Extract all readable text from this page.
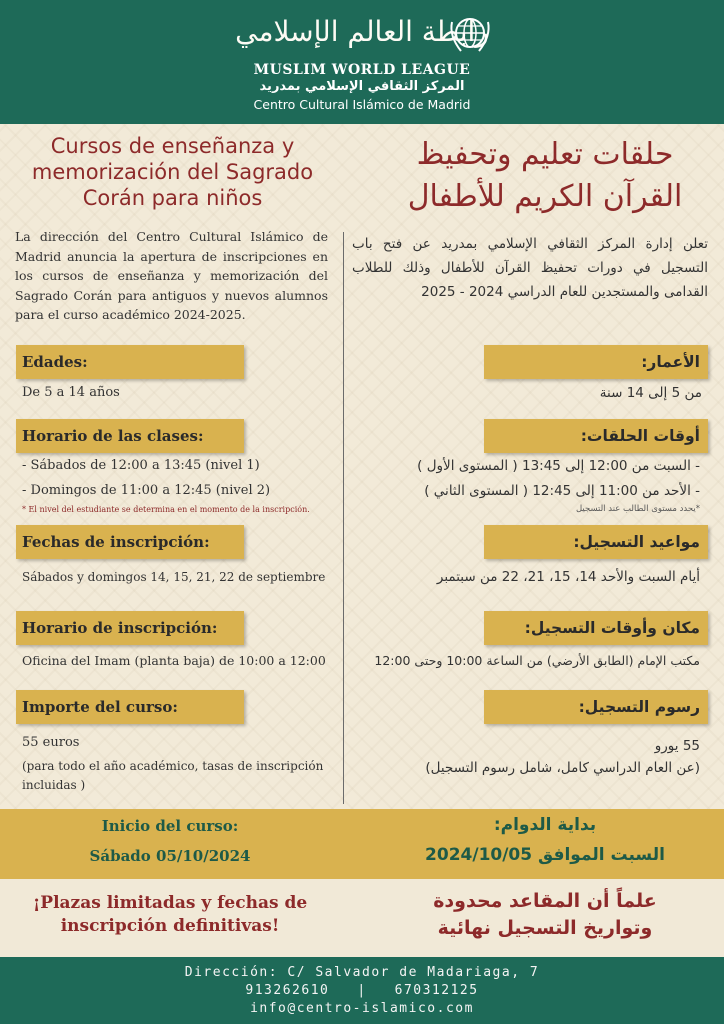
رابطة العالم الإسلامي
MUSLIM WORLD LEAGUE
المركز الثقافي الإسلامي بمدريد
Centro Cultural Islámico de Madrid
Cursos de enseñanza y
memorización del Sagrado
Corán para niños
حلقات تعليم وتحفيظ
القرآن الكريم للأطفال
La dirección del Centro Cultural Islámico de Madrid anuncia la apertura de inscripciones en los cursos de enseñanza y memorización del Sagrado Corán para antiguos y nuevos alumnos para el curso académico 2024-2025.
تعلن إدارة المركز الثقافي الإسلامي بمدريد عن فتح باب التسجيل في دورات تحفيظ القرآن للأطفال وذلك للطلاب القدامى والمستجدين للعام الدراسي 2024 - 2025
Edades:
De 5 a 14 años
الأعمار:
من 5 إلى 14 سنة
Horario de las clases:
- Sábados de 12:00 a 13:45 (nivel 1)
- Domingos de 11:00 a 12:45 (nivel 2)
* El nivel del estudiante se determina en el momento de la inscripción.
أوقات الحلقات:
- السبت من 12:00 إلى 13:45 ( المستوى الأول )
- الأحد من 11:00 إلى 12:45 ( المستوى الثاني )
*يحدد مستوى الطالب عند التسجيل
Fechas de inscripción:
Sábados y domingos 14, 15, 21, 22 de septiembre
مواعيد التسجيل:
أيام السبت والأحد 14، 15، 21، 22 من سبتمبر
Horario de inscripción:
Oficina del Imam (planta baja) de 10:00 a 12:00
مكان وأوقات التسجيل:
مكتب الإمام (الطابق الأرضي) من الساعة 10:00 وحتى 12:00
Importe del curso:
55 euros
(para todo el año académico, tasas de inscripción incluidas )
رسوم التسجيل:
55 يورو
(عن العام الدراسي كامل، شامل رسوم التسجيل)
Inicio del curso:
Sábado 05/10/2024
بداية الدوام:
السبت الموافق 2024/10/05
¡Plazas limitadas y fechas de
inscripción definitivas!
علماً أن المقاعد محدودة
وتواريخ التسجيل نهائية
Dirección: C/ Salvador de Madariaga, 7
913262610   |   670312125
info@centro-islamico.com
